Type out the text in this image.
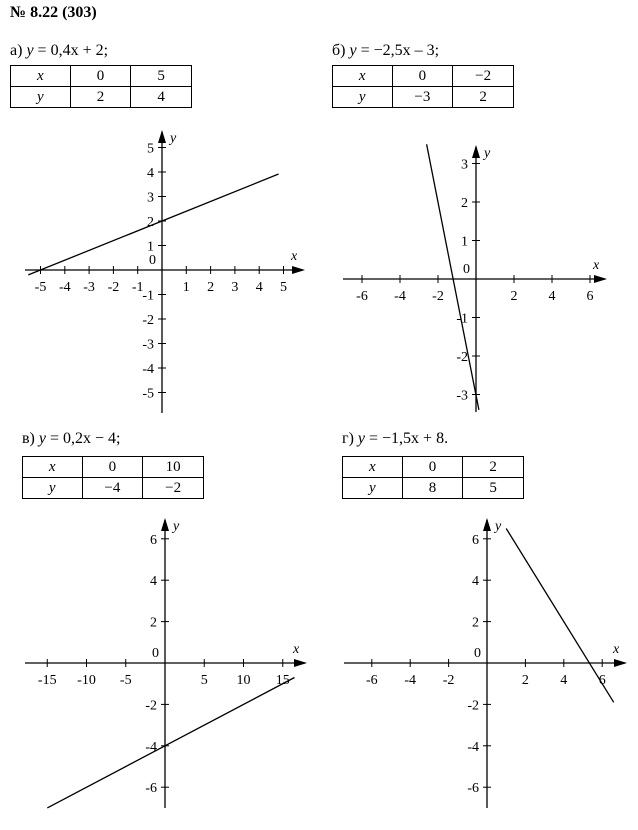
№ 8.22 (303)
а) y = 0,4x + 2;
x	0	5
y	2	4
б) y = −2,5x – 3;
x	0	−2
y	−3	2
в) y = 0,2x − 4;
x	0	10
y	−4	−2
г) y = −1,5x + 8.
x	0	2
y	8	5
x
y
0
-5 -4 -3 -2 -1	1 2 3 4 5
5
4
3
2
1
-1
-2
-3
-4
-5
x
y
0
-6 -4 -2	2 4 6
3
2
1
-1
-2
-3
x
y
0
-15 -10 -5	5 10 15
6
4
2
-2
-4
-6
x
y
0
-6 -4 -2	2 4 6
6
4
2
-2
-4
-6
